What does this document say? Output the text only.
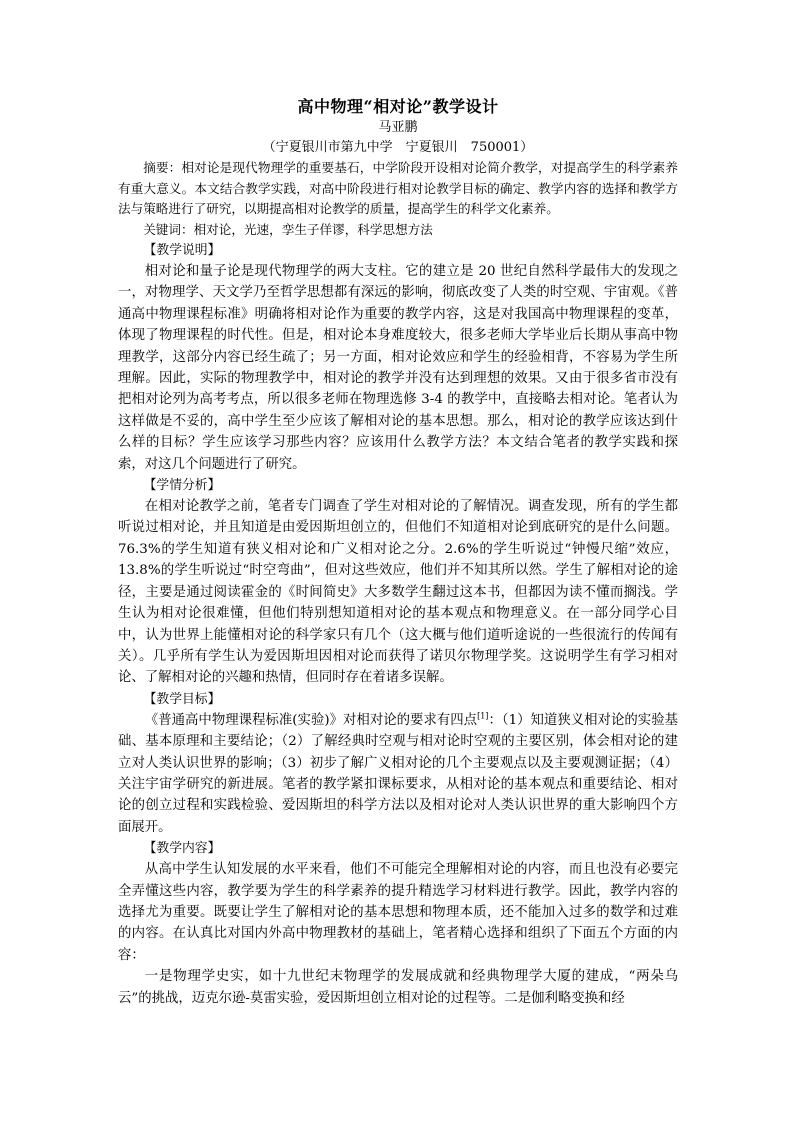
高中物理“相对论”教学设计

马亚鹏

（宁夏银川市第九中学　宁夏银川　750001）

摘要：相对论是现代物理学的重要基石，中学阶段开设相对论简介教学，对提高学生的科学素养有重大意义。本文结合教学实践，对高中阶段进行相对论教学目标的确定、教学内容的选择和教学方法与策略进行了研究，以期提高相对论教学的质量，提高学生的科学文化素养。

关键词：相对论，光速，孪生子佯谬，科学思想方法

【教学说明】

相对论和量子论是现代物理学的两大支柱。它的建立是 20 世纪自然科学最伟大的发现之一，对物理学、天文学乃至哲学思想都有深远的影响，彻底改变了人类的时空观、宇宙观。《普通高中物理课程标准》明确将相对论作为重要的教学内容，这是对我国高中物理课程的变革，体现了物理课程的时代性。但是，相对论本身难度较大，很多老师大学毕业后长期从事高中物理教学，这部分内容已经生疏了；另一方面，相对论效应和学生的经验相背，不容易为学生所理解。因此，实际的物理教学中，相对论的教学并没有达到理想的效果。又由于很多省市没有把相对论列为高考考点，所以很多老师在物理选修 3-4 的教学中，直接略去相对论。笔者认为这样做是不妥的，高中学生至少应该了解相对论的基本思想。那么，相对论的教学应该达到什么样的目标？学生应该学习那些内容？应该用什么教学方法？本文结合笔者的教学实践和探索，对这几个问题进行了研究。

【学情分析】

在相对论教学之前，笔者专门调查了学生对相对论的了解情况。调查发现，所有的学生都听说过相对论，并且知道是由爱因斯坦创立的，但他们不知道相对论到底研究的是什么问题。76.3%的学生知道有狭义相对论和广义相对论之分。2.6%的学生听说过“钟慢尺缩”效应，13.8%的学生听说过“时空弯曲”，但对这些效应，他们并不知其所以然。学生了解相对论的途径，主要是通过阅读霍金的《时间简史》大多数学生翻过这本书，但都因为读不懂而搁浅。学生认为相对论很难懂，但他们特别想知道相对论的基本观点和物理意义。在一部分同学心目中，认为世界上能懂相对论的科学家只有几个（这大概与他们道听途说的一些很流行的传闻有关）。几乎所有学生认为爱因斯坦因相对论而获得了诺贝尔物理学奖。这说明学生有学习相对论、了解相对论的兴趣和热情，但同时存在着诸多误解。

【教学目标】

《普通高中物理课程标准(实验)》对相对论的要求有四点[1]：（1）知道狭义相对论的实验基础、基本原理和主要结论；（2）了解经典时空观与相对论时空观的主要区别，体会相对论的建立对人类认识世界的影响；（3）初步了解广义相对论的几个主要观点以及主要观测证据；（4）关注宇宙学研究的新进展。笔者的教学紧扣课标要求，从相对论的基本观点和重要结论、相对论的创立过程和实践检验、爱因斯坦的科学方法以及相对论对人类认识世界的重大影响四个方面展开。

【教学内容】

从高中学生认知发展的水平来看，他们不可能完全理解相对论的内容，而且也没有必要完全弄懂这些内容，教学要为学生的科学素养的提升精选学习材料进行教学。因此，教学内容的选择尤为重要。既要让学生了解相对论的基本思想和物理本质，还不能加入过多的数学和过难的内容。在认真比对国内外高中物理教材的基础上，笔者精心选择和组织了下面五个方面的内容：

一是物理学史实，如十九世纪末物理学的发展成就和经典物理学大厦的建成，“两朵乌云”的挑战，迈克尔逊-莫雷实验，爱因斯坦创立相对论的过程等。二是伽利略变换和经
